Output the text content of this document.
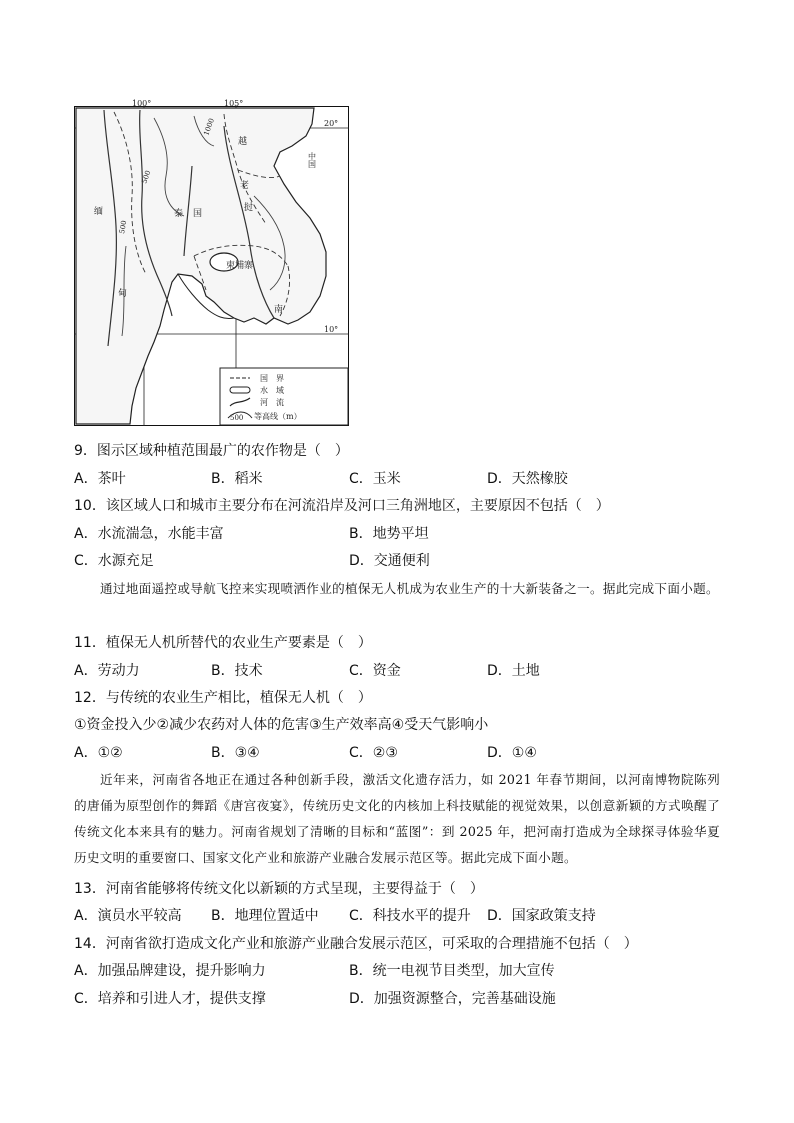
100°	105°
20°
10°
中国
泰国
柬埔寨
缅
甸
老
挝
越
南
500
500
1000
国　界
水　域
河　流
500 等高线（m）
9．图示区域种植范围最广的农作物是（　）
A．茶叶	B．稻米	C．玉米	D．天然橡胶
10．该区域人口和城市主要分布在河流沿岸及河口三角洲地区，主要原因不包括（　）
A．水流湍急，水能丰富	B．地势平坦
C．水源充足	D．交通便利

通过地面遥控或导航飞控来实现喷洒作业的植保无人机成为农业生产的十大新装备之一。据此完成下面小题。

11．植保无人机所替代的农业生产要素是（　）
A．劳动力	B．技术	C．资金	D．土地
12．与传统的农业生产相比，植保无人机（　）
①资金投入少②减少农药对人体的危害③生产效率高④受天气影响小
A．①②	B．③④	C．②③	D．①④

近年来，河南省各地正在通过各种创新手段，激活文化遗存活力，如 2021 年春节期间，以河南博物院陈列的唐俑为原型创作的舞蹈《唐宫夜宴》，传统历史文化的内核加上科技赋能的视觉效果，以创意新颖的方式唤醒了传统文化本来具有的魅力。河南省规划了清晰的目标和“蓝图”：到 2025 年，把河南打造成为全球探寻体验华夏历史文明的重要窗口、国家文化产业和旅游产业融合发展示范区等。据此完成下面小题。

13．河南省能够将传统文化以新颖的方式呈现，主要得益于（　）
A．演员水平较高 B．地理位置适中 C．科技水平的提升 D．国家政策支持
14．河南省欲打造成文化产业和旅游产业融合发展示范区，可采取的合理措施不包括（　）
A．加强品牌建设，提升影响力	B．统一电视节目类型，加大宣传
C．培养和引进人才，提供支撑	D．加强资源整合，完善基础设施
